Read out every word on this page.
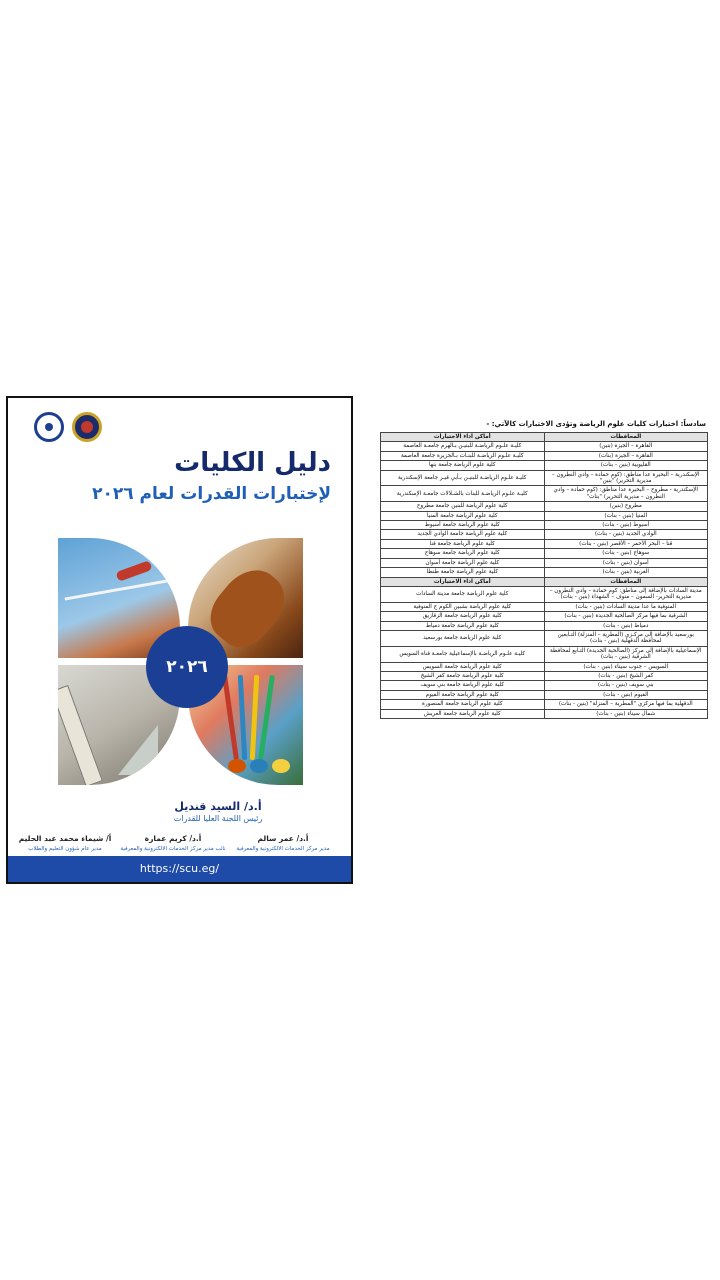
دليل الكليات
لإختبارات القدرات لعام ٢٠٢٦
٢٠٢٦
أ.د/ السيد قنديل
رئيس اللجنة العليا للقدرات
أ.د/ عمر سالم
مدير مركز الخدمات الالكترونية والمعرفية
أ.د/ كريم عمارة
نائب مدير مركز الخدمات الالكترونية والمعرفية
أ/ شيماء محمد عبد الحليم
مدير عام شؤون التعليم والطلاب
https://scu.eg/
سادساً: اختبارات كليات علوم الرياضة وتؤدى الاختبارات كالآتي: -
المحافظات	أماكن اداء الاختبارات
القاهرة – الجيزة (بنين)	كليـة علـوم الرياضـة للبنيـن بـالهرم جامعـة العاصمة
القاهرة – الجيزة (بنات)	كليـة علـوم الرياضـة للبنـات بـالجزيرة جامعة العاصمة
القليوبية (بنين - بنات)	كلية علوم الرياضة جامعة بنها
الإسكندرية – البحيرة عدا مناطق: (كوم حمادة – وادي النطرون – مديرية التحرير) "بنين"	كليـة علـوم الرياضـة للبنيـن بـأبي قيـر جامعة الإسكندرية
الإسكندرية - مطروح – البحيرة عدا مناطق: (كوم حمادة – وادي النطرون – مديرية التحرير) "بنات"	كليـة علـوم الرياضـة للبنات بالشـلالات جامعـة الإسكندرية
مطروح (بنين)	كلية علوم الرياضة للبنين جامعة مطروح
المنيا (بنين - بنات)	كلية علوم الرياضة جامعة المنيا
أسيوط (بنين - بنات)	كلية علوم الرياضة جامعة أسيوط
الوادي الجديد (بنين - بنات)	كلية علوم الرياضة جامعة الوادي الجديد
قنا – البحر الأحمر – الأقصر (بنين - بنات)	كلية علوم الرياضة جامعة قنا
سوهاج (بنين - بنات)	كلية علوم الرياضة جامعة سوهاج
أسوان (بنين - بنات)	كلية علوم الرياضة جامعة أسوان
الغربية (بنين - بنات)	كلية علوم الرياضة جامعة طنطا
المحافظات	أماكن اداء الاختبارات
مدينة السادات بالإضافة إلى مناطق: كوم حمادة – وادي النطرون – مديرية التحرير- السمون – منوف – الشهداء (بنين - بنات)	كلية علوم الرياضة جامعة مدينة السادات
المنوفية ما عدا مدينة السادات (بنين - بنات)	كلية علوم الرياضة بشبين الكوم ج المنوفية
الشرقية بما فيها مركز الصالحية الجديدة (بنين - بنات)	كلية علوم الرياضة جامعة الزقازيق
دمياط (بنين - بنات)	كلية علوم الرياضة جامعة دمياط
بورسعيد بالإضافة إلى مركـزي (المطرية – المنزلة) التـابعين لمحافظة الدقهلية (بنين - بنات)	كلية علوم الرياضة جامعة بورسعيد
الإسماعيلية بالإضافة إلى مركز (الصالحية الجديدة) التـابع لمحافظة الشرقية (بنين - بنات)	كليـة علـوم الرياضـة بالإسماعيلية جامعـة قناة السويس
السويس – جنوب سيناء (بنين - بنات)	كلية علوم الرياضة جامعة السويس
كفر الشيخ (بنين - بنات)	كلية علوم الرياضة جامعة كفر الشيخ
بني سويف (بنين - بنات)	كلية علوم الرياضة جامعة بني سويف
الفيوم (بنين - بنات)	كلية علوم الرياضة جامعة الفيوم
الدقهلية بما فيها مركزي "المطرية – المنزلة" (بنين - بنات)	كلية علوم الرياضة جامعة المنصورة
شمال سيناء (بنين - بنات)	كلية علوم الرياضة جامعة العريش
